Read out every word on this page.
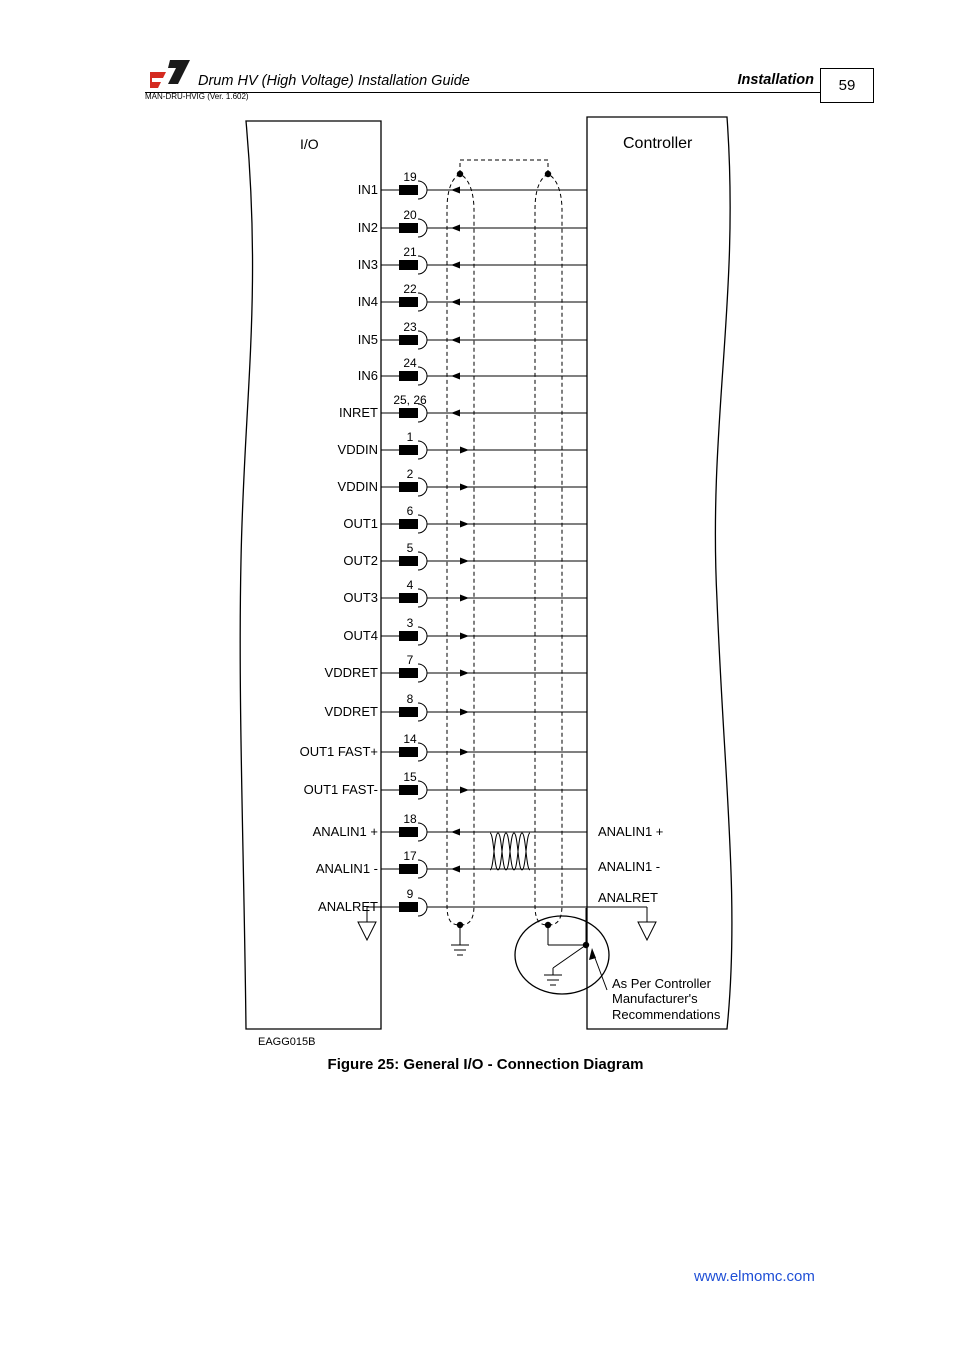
Drum HV (High Voltage) Installation Guide
MAN-DRU-HVIG (Ver. 1.602)
Installation	59
I/O	Controller
IN1
19
IN2
20
IN3
21
IN4
22
IN5
23
IN6
24
INRET
25, 26
VDDIN
1
VDDIN
2
OUT1
6
OUT2
5
OUT3
4
OUT4
3
VDDRET
7
VDDRET
8
OUT1 FAST+
14
OUT1 FAST-
15
ANALIN1 +
18
ANALIN1 -
17
ANALRET
9
ANALIN1 +
ANALIN1 -
ANALRET
As Per Controller
Manufacturer's
Recommendations
EAGG015B
Figure 25: General I/O - Connection Diagram
www.elmomc.com
